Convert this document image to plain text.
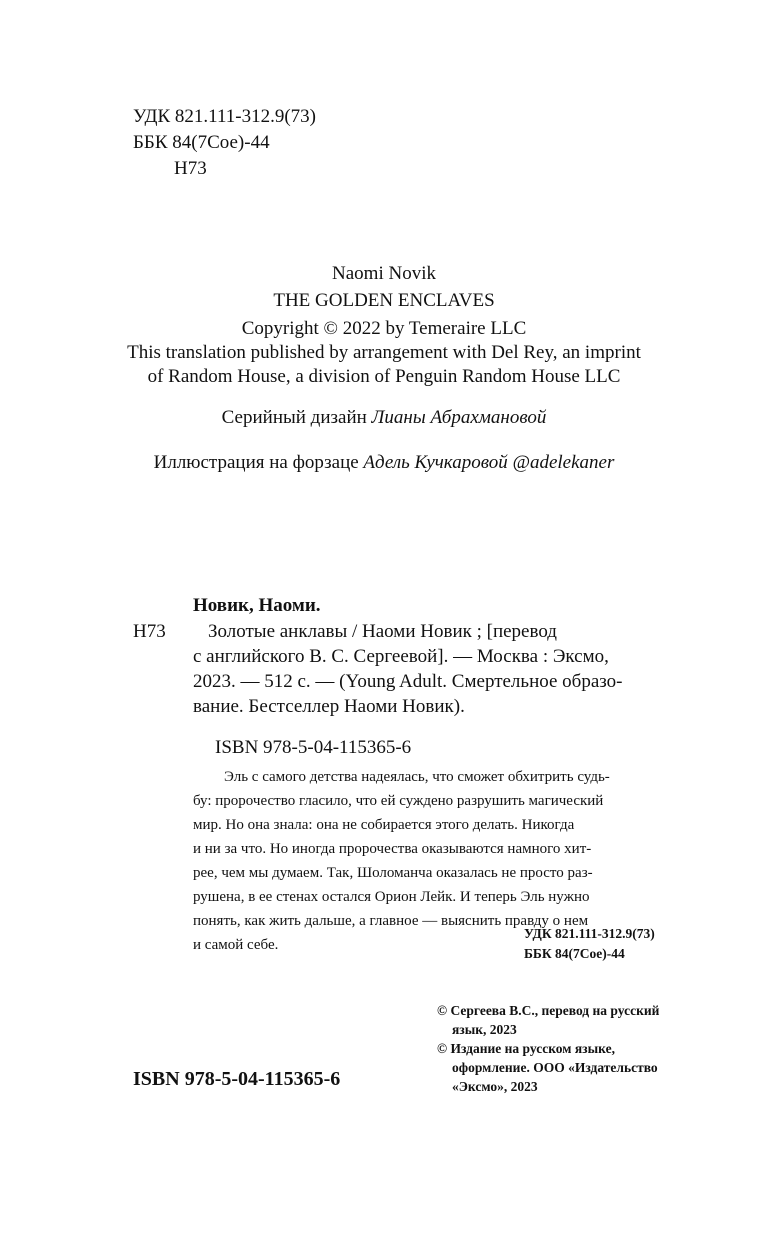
УДК 821.111-312.9(73)
ББК 84(7Сое)-44
Н73
Naomi Novik
THE GOLDEN ENCLAVES
Copyright © 2022 by Temeraire LLC
This translation published by arrangement with Del Rey, an imprint
of Random House, a division of Penguin Random House LLC
Серийный дизайн Лианы Абрахмановой
Иллюстрация на форзаце Адель Кучкаровой @adelekaner
Новик, Наоми.
Н73 Золотые анклавы / Наоми Новик ; [перевод
с английского В. С. Сергеевой]. — Москва : Эксмо,
2023. — 512 с. — (Young Adult. Смертельное образо-
вание. Бестселлер Наоми Новик).
ISBN 978-5-04-115365-6
Эль с самого детства надеялась, что сможет обхитрить судь-
бу: пророчество гласило, что ей суждено разрушить магический
мир. Но она знала: она не собирается этого делать. Никогда
и ни за что. Но иногда пророчества оказываются намного хит-
рее, чем мы думаем. Так, Шоломанча оказалась не просто раз-
рушена, в ее стенах остался Орион Лейк. И теперь Эль нужно
понять, как жить дальше, а главное — выяснить правду о нем
и самой себе.
УДК 821.111-312.9(73)
ББК 84(7Сое)-44
© Сергеева В.С., перевод на русский
язык, 2023
© Издание на русском языке,
оформление. ООО «Издательство
«Эксмо», 2023
ISBN 978-5-04-115365-6
